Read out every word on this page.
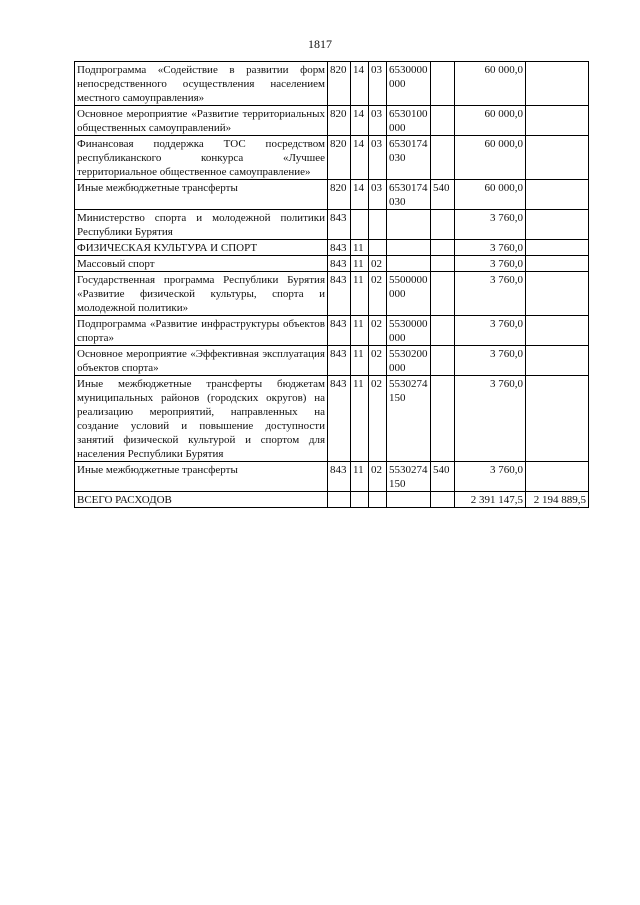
1817
Подпрограмма «Содействие в развитии форм непосредственного осуществления населением местного самоуправления»	820	14	03	6530000000		60 000,0	
Основное мероприятие «Развитие территориальных общественных самоуправлений»	820	14	03	6530100000		60 000,0	
Финансовая поддержка ТОС посредством республиканского конкурса «Лучшее территориальное общественное самоуправление»	820	14	03	6530174030		60 000,0	
Иные межбюджетные трансферты	820	14	03	6530174030	540	60 000,0	
Министерство спорта и молодежной политики Республики Бурятия	843					3 760,0	
ФИЗИЧЕСКАЯ КУЛЬТУРА И СПОРТ	843	11				3 760,0	
Массовый спорт	843	11	02			3 760,0	
Государственная программа Республики Бурятия «Развитие физической культуры, спорта и молодежной политики»	843	11	02	5500000000		3 760,0	
Подпрограмма «Развитие инфраструктуры объектов спорта»	843	11	02	5530000000		3 760,0	
Основное мероприятие «Эффективная эксплуатация объектов спорта»	843	11	02	5530200000		3 760,0	
Иные межбюджетные трансферты бюджетам муниципальных районов (городских округов) на реализацию мероприятий, направленных на создание условий и повышение доступности занятий физической культурой и спортом для населения Республики Бурятия	843	11	02	5530274150		3 760,0	
Иные межбюджетные трансферты	843	11	02	5530274150	540	3 760,0	
ВСЕГО РАСХОДОВ						2 391 147,5	2 194 889,5
